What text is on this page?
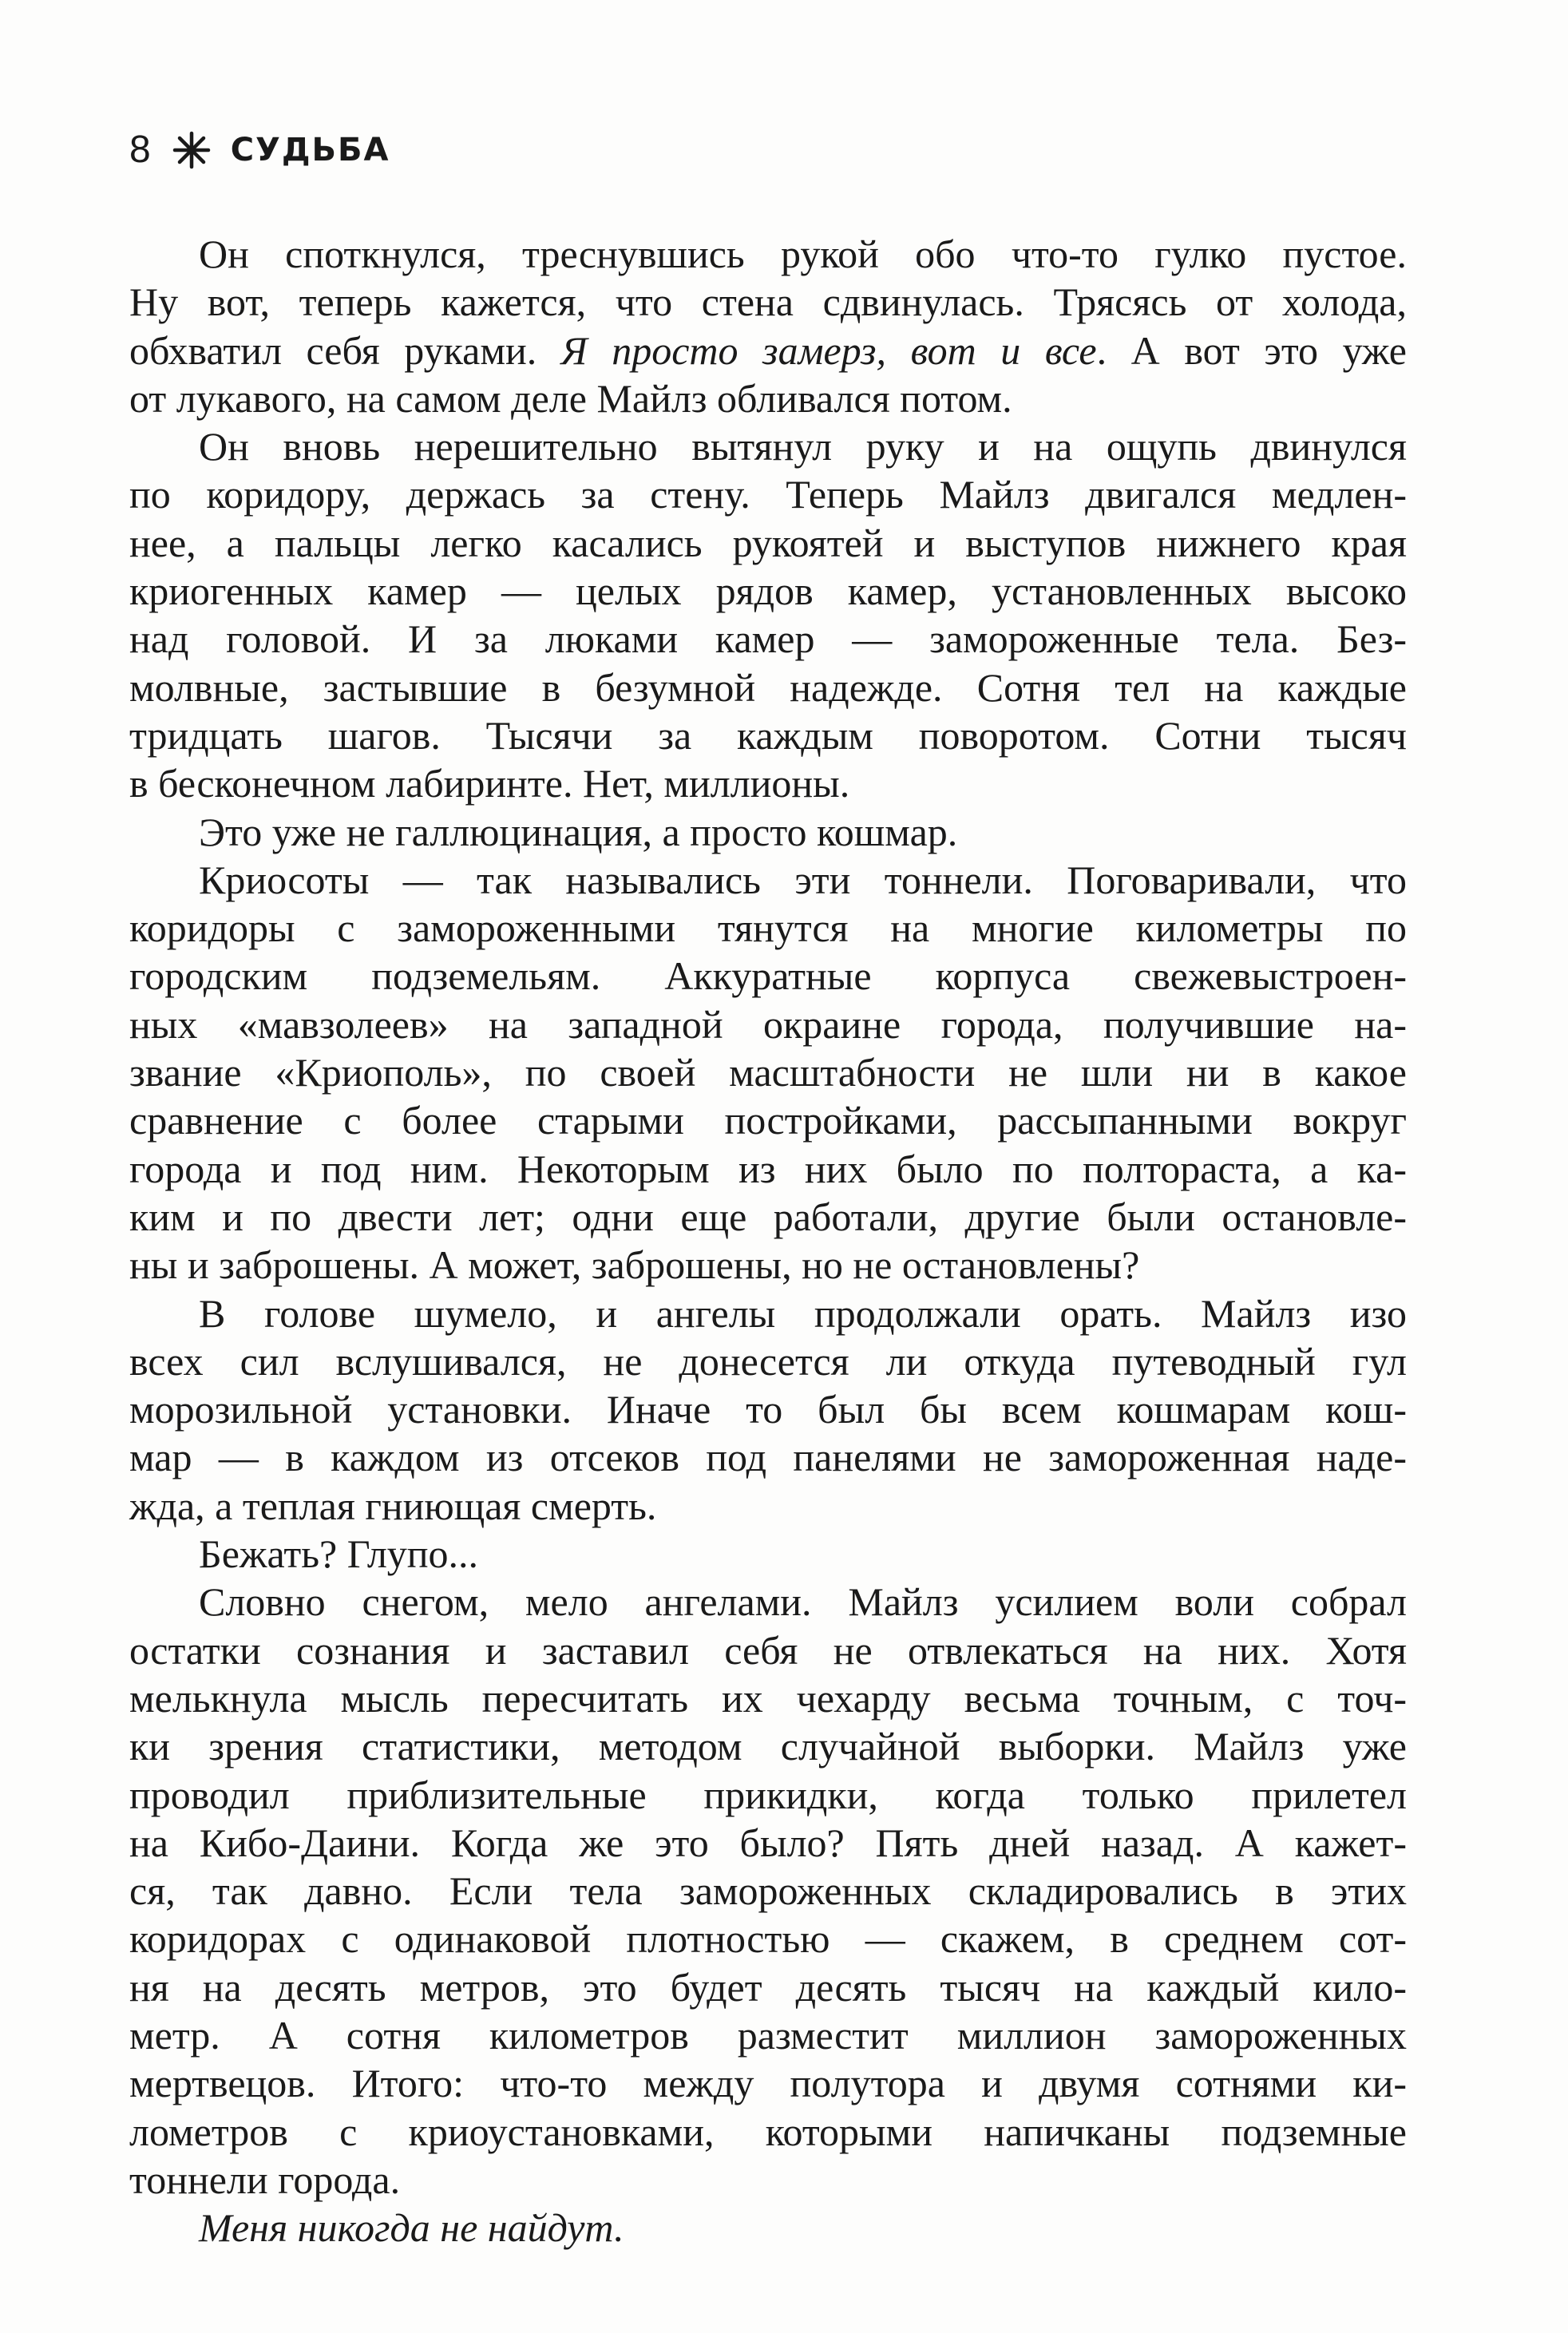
8	СУДЬБА
Он споткнулся, треснувшись рукой обо что-то гулко пустое.
Ну вот, теперь кажется, что стена сдвинулась. Трясясь от холода,
обхватил себя руками. Я просто замерз, вот и все. А вот это уже
от лукавого, на самом деле Майлз обливался потом.
Он вновь нерешительно вытянул руку и на ощупь двинулся
по коридору, держась за стену. Теперь Майлз двигался медлен-
нее, а пальцы легко касались рукоятей и выступов нижнего края
криогенных камер — целых рядов камер, установленных высоко
над головой. И за люками камер — замороженные тела. Без-
молвные, застывшие в безумной надежде. Сотня тел на каждые
тридцать шагов. Тысячи за каждым поворотом. Сотни тысяч
в бесконечном лабиринте. Нет, миллионы.
Это уже не галлюцинация, а просто кошмар.
Криосоты — так назывались эти тоннели. Поговаривали, что
коридоры с замороженными тянутся на многие километры по
городским подземельям. Аккуратные корпуса свежевыстроен-
ных «мавзолеев» на западной окраине города, получившие на-
звание «Криополь», по своей масштабности не шли ни в какое
сравнение с более старыми постройками, рассыпанными вокруг
города и под ним. Некоторым из них было по полтораста, а ка-
ким и по двести лет; одни еще работали, другие были остановле-
ны и заброшены. А может, заброшены, но не остановлены?
В голове шумело, и ангелы продолжали орать. Майлз изо
всех сил вслушивался, не донесется ли откуда путеводный гул
морозильной установки. Иначе то был бы всем кошмарам кош-
мар — в каждом из отсеков под панелями не замороженная наде-
жда, а теплая гниющая смерть.
Бежать? Глупо...
Словно снегом, мело ангелами. Майлз усилием воли собрал
остатки сознания и заставил себя не отвлекаться на них. Хотя
мелькнула мысль пересчитать их чехарду весьма точным, с точ-
ки зрения статистики, методом случайной выборки. Майлз уже
проводил приблизительные прикидки, когда только прилетел
на Кибо-Даини. Когда же это было? Пять дней назад. А кажет-
ся, так давно. Если тела замороженных складировались в этих
коридорах с одинаковой плотностью — скажем, в среднем сот-
ня на десять метров, это будет десять тысяч на каждый кило-
метр. А сотня километров разместит миллион замороженных
мертвецов. Итого: что-то между полутора и двумя сотнями ки-
лометров с криоустановками, которыми напичканы подземные
тоннели города.
Меня никогда не найдут.
